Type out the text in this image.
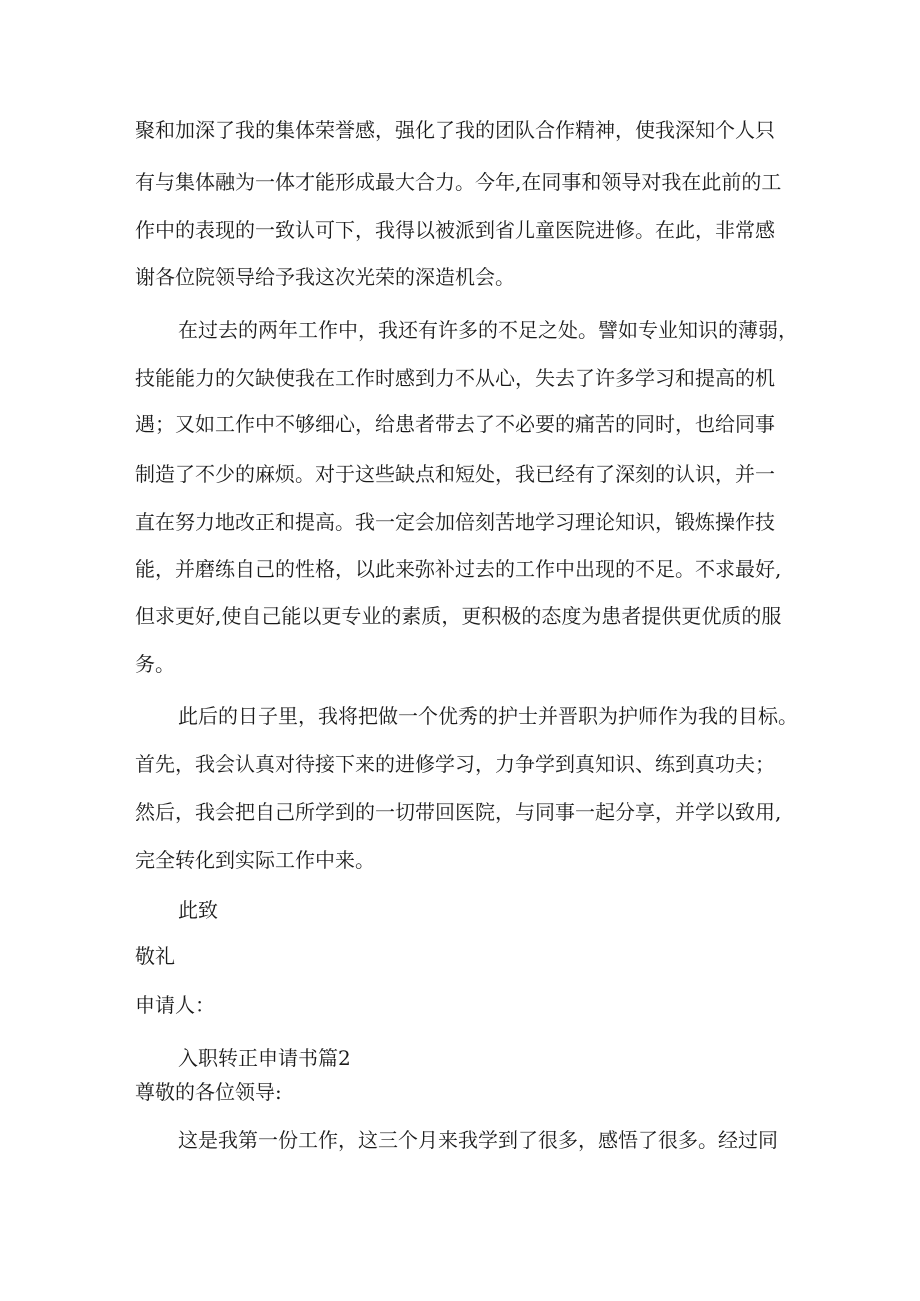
聚和加深了我的集体荣誉感，强化了我的团队合作精神，使我深知个人只
有与集体融为一体才能形成最大合力。今年,在同事和领导对我在此前的工
作中的表现的一致认可下，我得以被派到省儿童医院进修。在此，非常感
谢各位院领导给予我这次光荣的深造机会。
在过去的两年工作中，我还有许多的不足之处。譬如专业知识的薄弱，
技能能力的欠缺使我在工作时感到力不从心，失去了许多学习和提高的机
遇；又如工作中不够细心，给患者带去了不必要的痛苦的同时，也给同事
制造了不少的麻烦。对于这些缺点和短处，我已经有了深刻的认识，并一
直在努力地改正和提高。我一定会加倍刻苦地学习理论知识，锻炼操作技
能，并磨练自己的性格，以此来弥补过去的工作中出现的不足。不求最好,
但求更好,使自己能以更专业的素质，更积极的态度为患者提供更优质的服
务。
此后的日子里，我将把做一个优秀的护士并晋职为护师作为我的目标。
首先，我会认真对待接下来的进修学习，力争学到真知识、练到真功夫；
然后，我会把自己所学到的一切带回医院，与同事一起分享，并学以致用,
完全转化到实际工作中来。
此致
敬礼
申请人：
入职转正申请书篇2
尊敬的各位领导:
这是我第一份工作，这三个月来我学到了很多，感悟了很多。经过同
